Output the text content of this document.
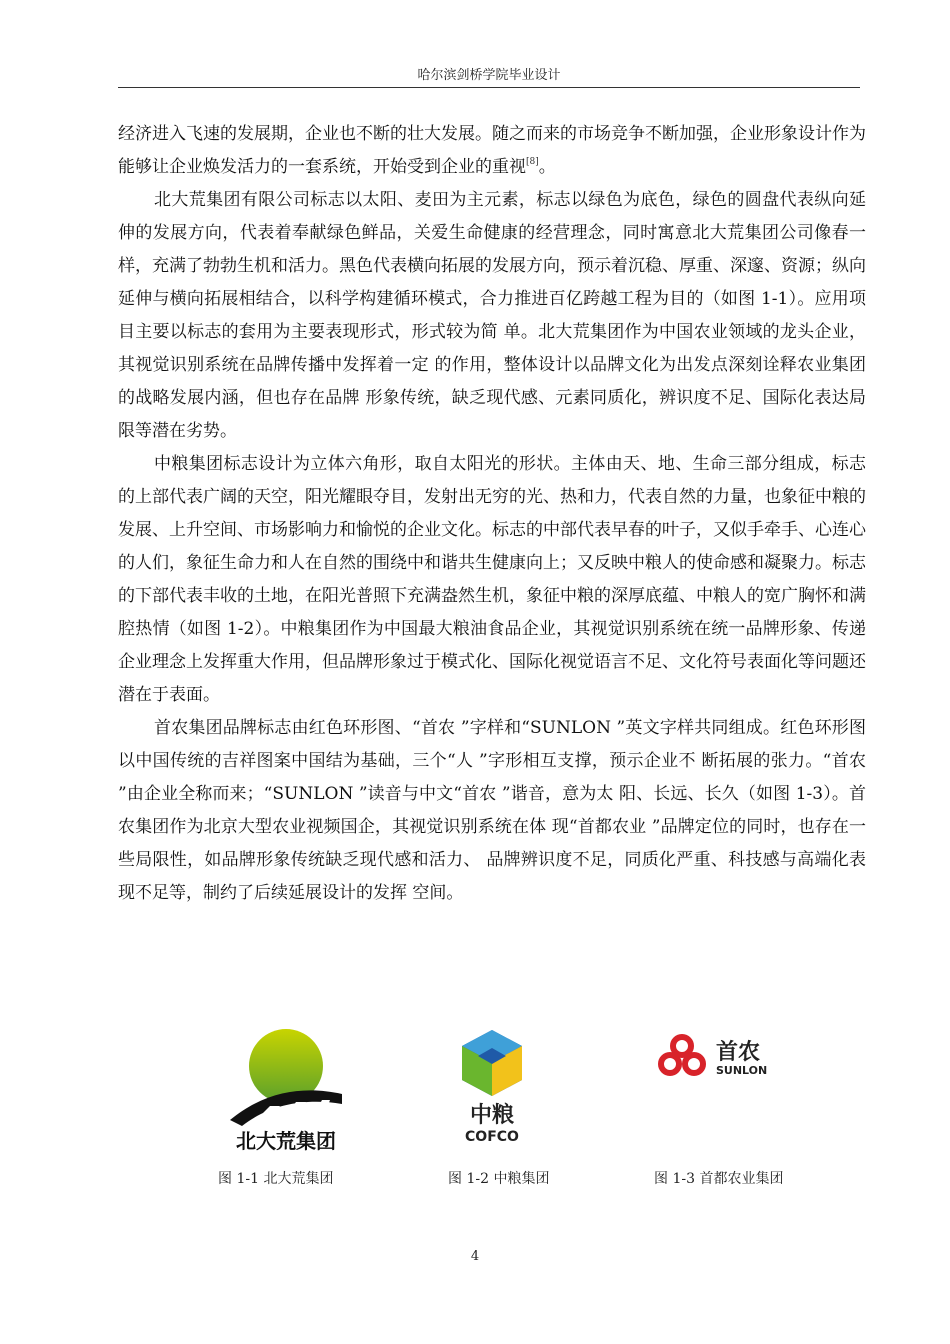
哈尔滨剑桥学院毕业设计

经济进入飞速的发展期，企业也不断的壮大发展。随之而来的市场竞争不断加强，企业形象设计作为能够让企业焕发活力的一套系统，开始受到企业的重视[8]。

北大荒集团有限公司标志以太阳、麦田为主元素，标志以绿色为底色，绿色的圆盘代表纵向延伸的发展方向，代表着奉献绿色鲜品，关爱生命健康的经营理念，同时寓意北大荒集团公司像春一样，充满了勃勃生机和活力。黑色代表横向拓展的发展方向，预示着沉稳、厚重、深邃、资源；纵向延伸与横向拓展相结合，以科学构建循环模式，合力推进百亿跨越工程为目的（如图 1-1）。应用项目主要以标志的套用为主要表现形式，形式较为简 单。北大荒集团作为中国农业领域的龙头企业，其视觉识别系统在品牌传播中发挥着一定 的作用，整体设计以品牌文化为出发点深刻诠释农业集团的战略发展内涵，但也存在品牌 形象传统，缺乏现代感、元素同质化，辨识度不足、国际化表达局限等潜在劣势。

中粮集团标志设计为立体六角形，取自太阳光的形状。主体由天、地、生命三部分组成，标志的上部代表广阔的天空，阳光耀眼夺目，发射出无穷的光、热和力，代表自然的力量，也象征中粮的发展、上升空间、市场影响力和愉悦的企业文化。标志的中部代表早春的叶子，又似手牵手、心连心的人们，象征生命力和人在自然的围绕中和谐共生健康向上；又反映中粮人的使命感和凝聚力。标志的下部代表丰收的土地，在阳光普照下充满盎然生机，象征中粮的深厚底蕴、中粮人的宽广胸怀和满腔热情（如图 1-2）。中粮集团作为中国最大粮油食品企业，其视觉识别系统在统一品牌形象、传递企业理念上发挥重大作用，但品牌形象过于模式化、国际化视觉语言不足、文化符号表面化等问题还潜在于表面。

首农集团品牌标志由红色环形图、“首农 ”字样和“SUNLON ”英文字样共同组成。红色环形图以中国传统的吉祥图案中国结为基础，三个“人 ”字形相互支撑，预示企业不 断拓展的张力。“首农 ”由企业全称而来；“SUNLON ”读音与中文“首农 ”谐音，意为太 阳、长远、长久（如图 1-3）。首农集团作为北京大型农业视频国企，其视觉识别系统在体 现“首都农业 ”品牌定位的同时，也存在一些局限性，如品牌形象传统缺乏现代感和活力、 品牌辨识度不足，同质化严重、科技感与高端化表现不足等，制约了后续延展设计的发挥 空间。

北大荒集团
中粮
COFCO
首农
SUNLON
图 1-1 北大荒集团	图 1-2 中粮集团	图 1-3 首都农业集团
4
